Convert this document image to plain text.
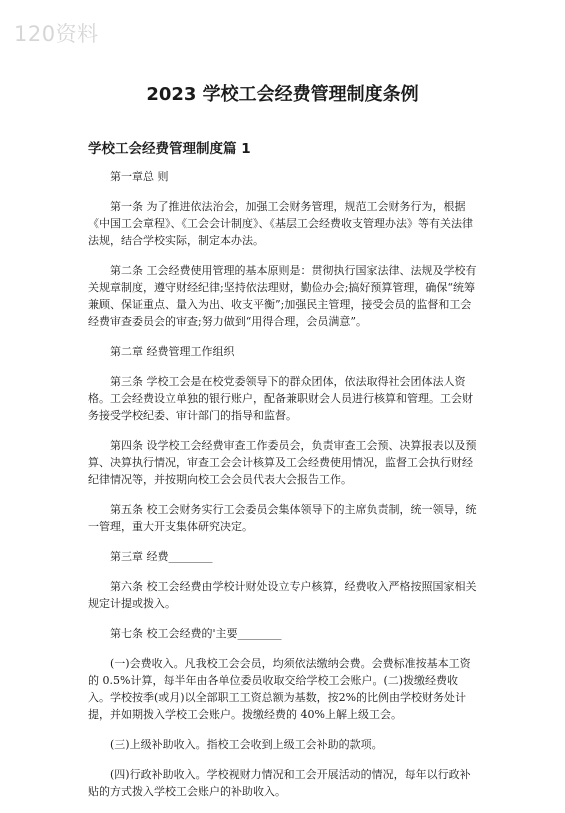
120资料
2023 学校工会经费管理制度条例
学校工会经费管理制度篇 1

第一章总 则

第一条 为了推进依法治会，加强工会财务管理，规范工会财务行为，根据《中国工会章程》、《工会会计制度》、《基层工会经费收支管理办法》等有关法律法规，结合学校实际，制定本办法。

第二条 工会经费使用管理的基本原则是：贯彻执行国家法律、法规及学校有关规章制度，遵守财经纪律;坚持依法理财，勤俭办会;搞好预算管理，确保“统筹兼顾、保证重点、量入为出、收支平衡”;加强民主管理，接受会员的监督和工会经费审查委员会的审查;努力做到“用得合理，会员满意”。

第二章 经费管理工作组织

第三条 学校工会是在校党委领导下的群众团体，依法取得社会团体法人资格。工会经费设立单独的银行账户，配备兼职财会人员进行核算和管理。工会财务接受学校纪委、审计部门的指导和监督。

第四条 设学校工会经费审查工作委员会，负责审查工会预、决算报表以及预算、决算执行情况，审查工会会计核算及工会经费使用情况，监督工会执行财经纪律情况等，并按期向校工会会员代表大会报告工作。

第五条 校工会财务实行工会委员会集体领导下的主席负责制，统一领导，统一管理，重大开支集体研究决定。

第三章 经费________

第六条 校工会经费由学校计财处设立专户核算，经费收入严格按照国家相关规定计提或拨入。

第七条 校工会经费的'主要________

(一)会费收入。凡我校工会会员，均须依法缴纳会费。会费标准按基本工资的 0.5%计算，每半年由各单位委员收取交给学校工会账户。(二)拨缴经费收入。学校按季(或月)以全部职工工资总额为基数，按2%的比例由学校财务处计提，并如期拨入学校工会账户。拨缴经费的 40%上解上级工会。

(三)上级补助收入。指校工会收到上级工会补助的款项。

(四)行政补助收入。学校视财力情况和工会开展活动的情况，每年以行政补贴的方式拨入学校工会账户的补助收入。
